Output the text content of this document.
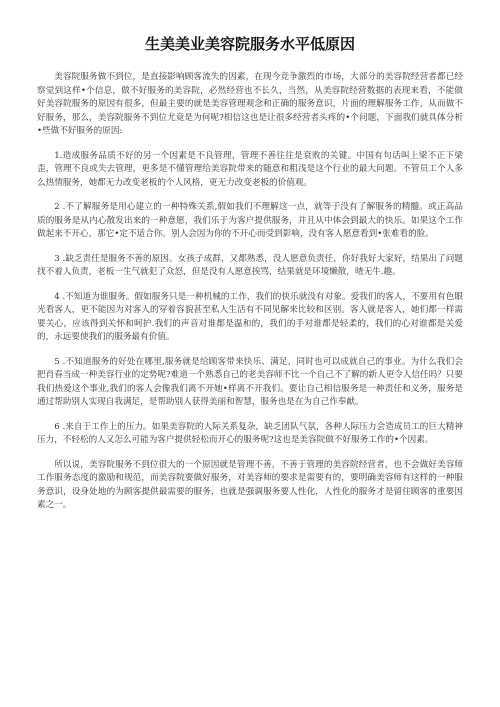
生美美业美容院服务水平低原因

美容院服务做不到位，是直接影响顾客流失的因素，在现今竞争激烈的市场，大部分的美容院经营者都已经察觉到这样•个信息，做不好服务的美容院，必然经营也不长久，当然，从美容院经营数据的表现来看，不能做好美容院服务的原因有很多，但最主要的就是美容管理观念和正确的服务意识，片面的理解服务工作，从而做不好服务，那么，美容院服务不到位尤竟是为何呢?相信这也是让很多经营者头疼的•个问题，下面我们就具体分析•些做不好服务的原因:

1.造成服务品质不好的另一个因素是不良管理，管理不善往往是衰败的关键。中国有句话叫上梁不正下梁歪，管理不良或失去管理，更多是不懂管理给美容院带来的随意和粗浅是这个行业的最大问题。不管员工个人多么热情服务，她都无力改变老板的个人风格，更无力改变老板的价值观。

2 .不了解服务是用心建立的一种特殊关系,假如我们不理解这一点，就等于没有了解服务的精髓。或正高品质的服务是从内心散发出来的一种意愿，我们乐于为客户提供服务，并且从中体会到最大的快乐。如果这个工作做起来不开心，那它•定不适合你。别人会因为你的不开心而受到影响，没有客人愿意看到•张难看的脸。

3 .缺乏责任是服务不善的原因。女孩子成群，又都熟悉，没人愿意负责任，你好我好大家好，结果出了问题找不着人负责，老板一生气就犯了众怒，但是没有人愿意挨骂，结果就是环境懒散，喳无牛.趣。

4 .不知道为谁服务。假如服务只是一种机械的工作，我们的快乐就没有对象。爱我们的客人，不要用有色眼光看客人，更不能因为对客人的穿着容貌甚至私人生活有不同见解来比较和区别。客人就是客人，她们都一样需要关心，应该得到关怀和呵护.我们的声音对谁都是温和的，我们的手对谁都是轻柔的，我们的心对谁都是关爱的，永远要使我们的服务最有价值。

5 .不知道服务的好处在哪里,服务就是给顾客带来快乐、满足，同时也可以成就自己的事业。为什么我们会把肖春当成一种美容行业的定势呢?难道一个熟悉自己的老美容师不比一个自己不了解的新人更令人信任吗？只要我们热爱这个事业,我们的客人会像我们离不开她•样离不开我们。要让自己相信服务是一种责任和义务，服务是通过帮助别人实现自我满足，是帮助别人获得美丽和智慧，服务也是在为自己作奉献。

6 .来自于工作上的压力。如果美容院的人际关系复杂，缺乏团队气氛，各种人际压力会造成员工的巨大精神压力，不轻松的人又怎么可能为客户提供轻松而开心的服务呢?这也是美容院做不好服务工作的•个因素。

所以说，美容院服务不到位很大的一个原因就是管理不善，不善于管理的美容院经营者，也不会做好美容师工作服务态度的激励和规范，而美容院要做好服务，对美容师的要求是需要有的，要明确美容师有这样的一种服务意识，设身处地的为顾客提供最需要的服务，也就是强调服务要人性化，人性化的服务才是留住顾客的重要因素之一。
